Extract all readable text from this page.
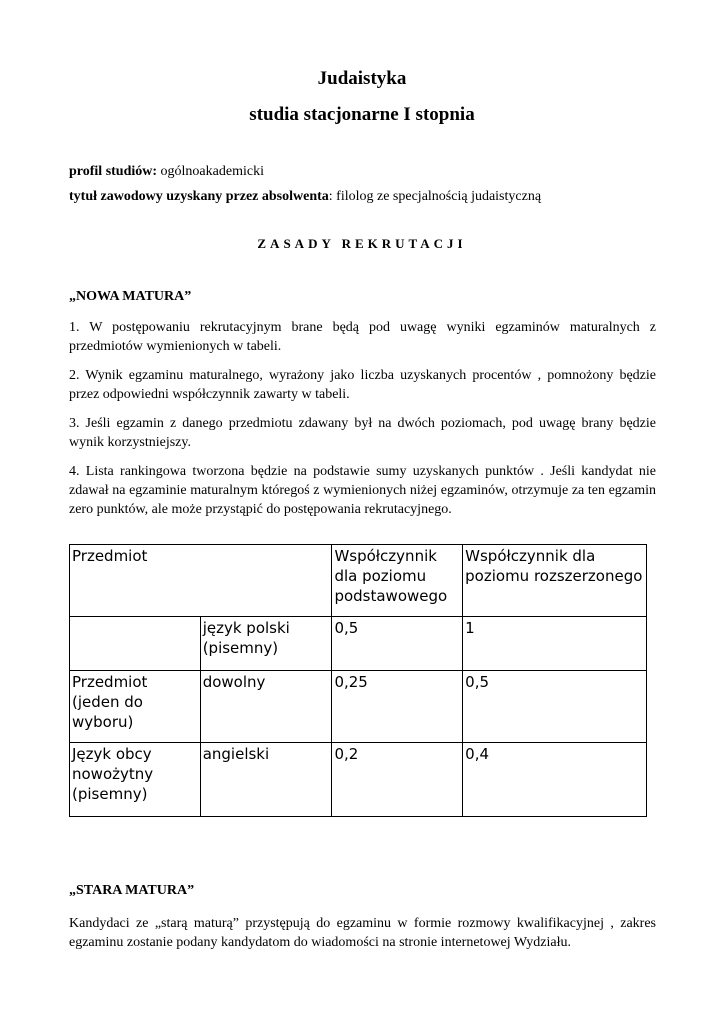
Judaistyka
studia stacjonarne I stopnia
profil studiów: ogólnoakademicki
tytuł zawodowy uzyskany przez absolwenta: filolog ze specjalnością judaistyczną
ZASADY REKRUTACJI
„NOWA MATURA”
1. W postępowaniu rekrutacyjnym brane będą pod uwagę wyniki egzaminów maturalnych z przedmiotów wymienionych w tabeli.
2. Wynik egzaminu maturalnego, wyrażony jako liczba uzyskanych procentów , pomnożony będzie przez odpowiedni współczynnik zawarty w tabeli.
3. Jeśli egzamin z danego przedmiotu zdawany był na dwóch poziomach, pod uwagę brany będzie wynik korzystniejszy.
4. Lista rankingowa tworzona będzie na podstawie sumy uzyskanych punktów . Jeśli kandydat nie zdawał na egzaminie maturalnym któregoś z wymienionych niżej egzaminów, otrzymuje za ten egzamin zero punktów, ale może przystąpić do postępowania rekrutacyjnego.
Przedmiot		Współczynnik dla poziomu podstawowego	Współczynnik dla poziomu rozszerzonego
	język polski (pisemny)	0,5	1
Przedmiot (jeden do wyboru)	dowolny	0,25	0,5
Język obcy nowożytny (pisemny)	angielski	0,2	0,4
„STARA MATURA”
Kandydaci ze „starą maturą” przystępują do egzaminu w formie rozmowy kwalifikacyjnej , zakres egzaminu zostanie podany kandydatom do wiadomości na stronie internetowej Wydziału.
